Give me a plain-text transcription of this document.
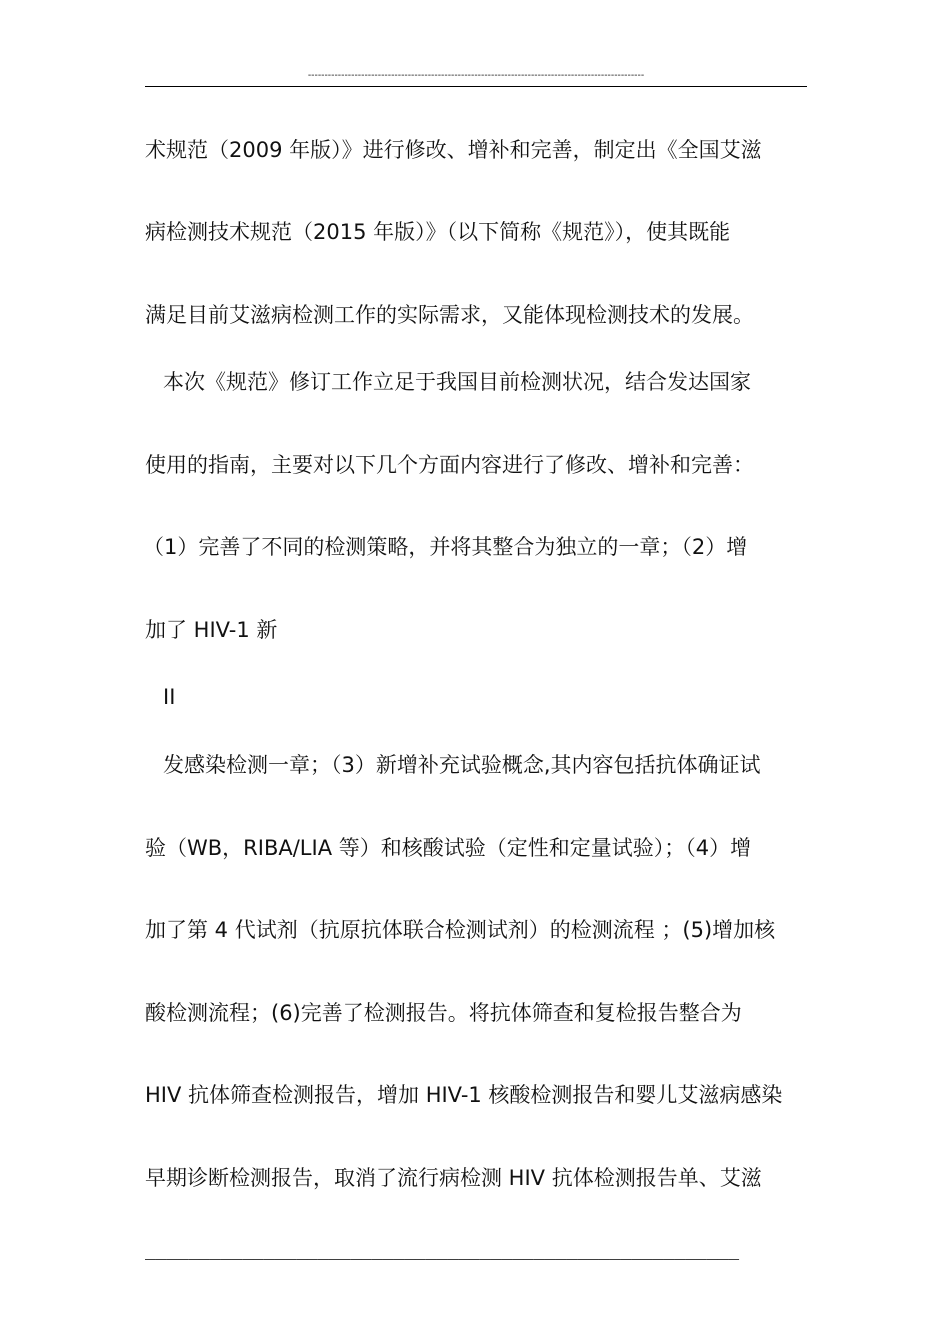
-----------------------------------------------------------------------------------------------------
术规范（2009 年版）》进行修改、增补和完善，制定出《全国艾滋
病检测技术规范（2015 年版）》（以下简称《规范》），使其既能
满足目前艾滋病检测工作的实际需求，又能体现检测技术的发展。
本次《规范》修订工作立足于我国目前检测状况，结合发达国家
使用的指南，主要对以下几个方面内容进行了修改、增补和完善：
（1）完善了不同的检测策略，并将其整合为独立的一章；（2）增
加了 HIV-1 新
II
发感染检测一章；（3）新增补充试验概念,其内容包括抗体确证试
验（WB，RIBA/LIA 等）和核酸试验（定性和定量试验）；（4）增
加了第 4 代试剂（抗原抗体联合检测试剂）的检测流程 ；(5)增加核
酸检测流程；(6)完善了检测报告。将抗体筛查和复检报告整合为
HIV 抗体筛查检测报告，增加 HIV-1 核酸检测报告和婴儿艾滋病感染
早期诊断检测报告，取消了流行病检测 HIV 抗体检测报告单、艾滋
_______________________________________________________
